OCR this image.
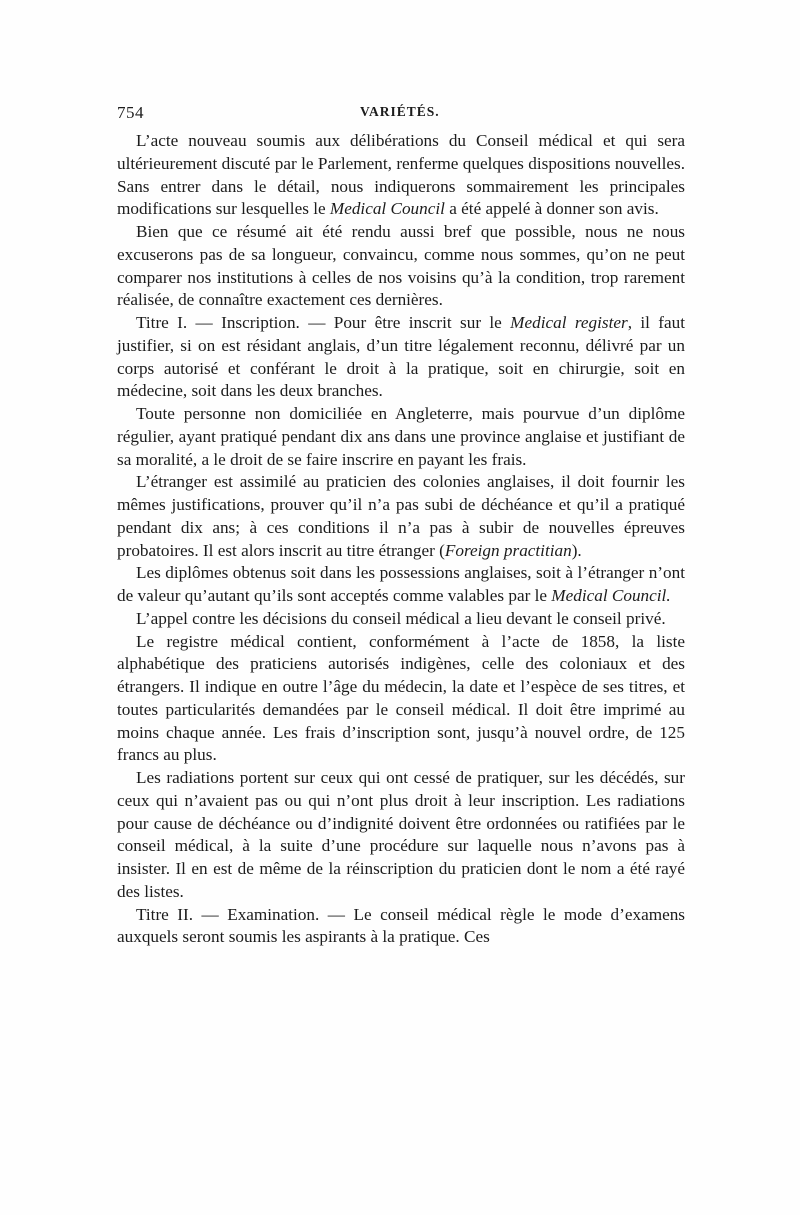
754	VARIÉTÉS.

L’acte nouveau soumis aux délibérations du Conseil médical et qui sera ultérieurement discuté par le Parlement, renferme quelques dispositions nouvelles. Sans entrer dans le détail, nous indiquerons sommairement les principales modifications sur lesquelles le Medical Council a été appelé à donner son avis.

Bien que ce résumé ait été rendu aussi bref que possible, nous ne nous excuserons pas de sa longueur, convaincu, comme nous sommes, qu’on ne peut comparer nos institutions à celles de nos voisins qu’à la condition, trop rarement réalisée, de connaître exactement ces dernières.

Titre I. — Inscription. — Pour être inscrit sur le Medical register, il faut justifier, si on est résidant anglais, d’un titre légalement reconnu, délivré par un corps autorisé et conférant le droit à la pratique, soit en chirurgie, soit en médecine, soit dans les deux branches.

Toute personne non domiciliée en Angleterre, mais pourvue d’un diplôme régulier, ayant pratiqué pendant dix ans dans une province anglaise et justifiant de sa moralité, a le droit de se faire inscrire en payant les frais.

L’étranger est assimilé au praticien des colonies anglaises, il doit fournir les mêmes justifications, prouver qu’il n’a pas subi de déchéance et qu’il a pratiqué pendant dix ans; à ces conditions il n’a pas à subir de nouvelles épreuves probatoires. Il est alors inscrit au titre étranger (Foreign practitian).

Les diplômes obtenus soit dans les possessions anglaises, soit à l’étranger n’ont de valeur qu’autant qu’ils sont acceptés comme valables par le Medical Council.

L’appel contre les décisions du conseil médical a lieu devant le conseil privé.

Le registre médical contient, conformément à l’acte de 1858, la liste alphabétique des praticiens autorisés indigènes, celle des coloniaux et des étrangers. Il indique en outre l’âge du médecin, la date et l’espèce de ses titres, et toutes particularités demandées par le conseil médical. Il doit être imprimé au moins chaque année. Les frais d’inscription sont, jusqu’à nouvel ordre, de 125 francs au plus.

Les radiations portent sur ceux qui ont cessé de pratiquer, sur les décédés, sur ceux qui n’avaient pas ou qui n’ont plus droit à leur inscription. Les radiations pour cause de déchéance ou d’indignité doivent être ordonnées ou ratifiées par le conseil médical, à la suite d’une procédure sur laquelle nous n’avons pas à insister. Il en est de même de la réinscription du praticien dont le nom a été rayé des listes.

Titre II. — Examination. — Le conseil médical règle le mode d’examens auxquels seront soumis les aspirants à la pratique. Ces
